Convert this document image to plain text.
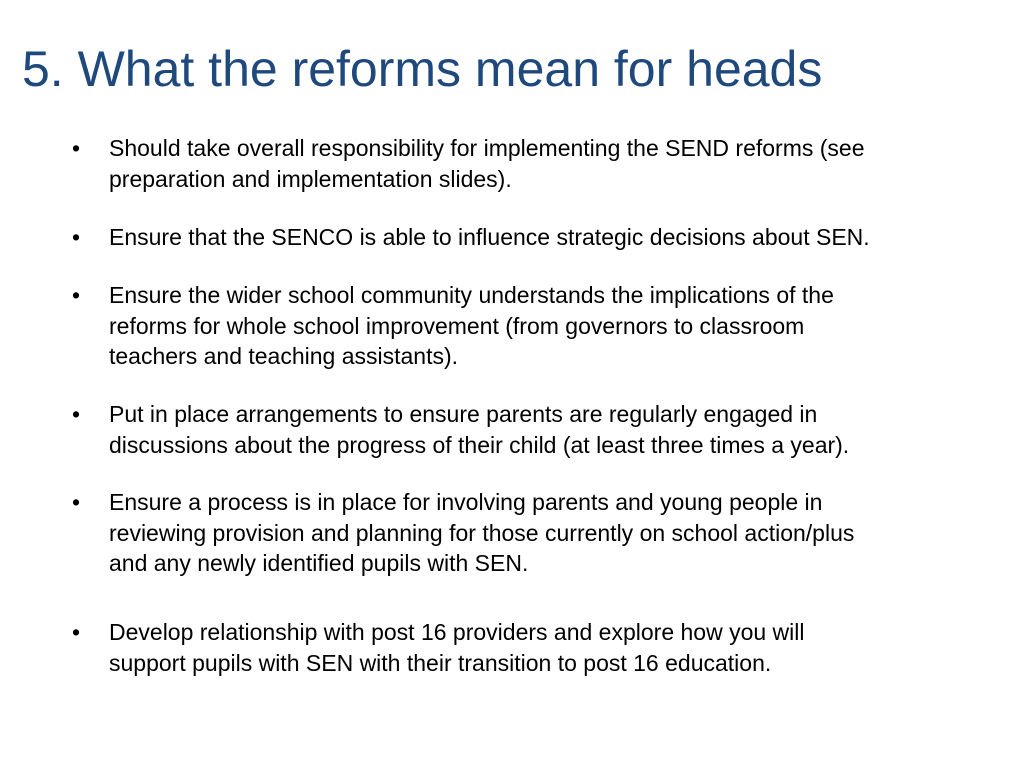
5. What the reforms mean for heads
• Should take overall responsibility for implementing the SEND reforms (see
preparation and implementation slides).
• Ensure that the SENCO is able to influence strategic decisions about SEN.
• Ensure the wider school community understands the implications of the
reforms for whole school improvement (from governors to classroom
teachers and teaching assistants).
• Put in place arrangements to ensure parents are regularly engaged in
discussions about the progress of their child (at least three times a year).
• Ensure a process is in place for involving parents and young people in
reviewing provision and planning for those currently on school action/plus
and any newly identified pupils with SEN.
• Develop relationship with post 16 providers and explore how you will
support pupils with SEN with their transition to post 16 education.
